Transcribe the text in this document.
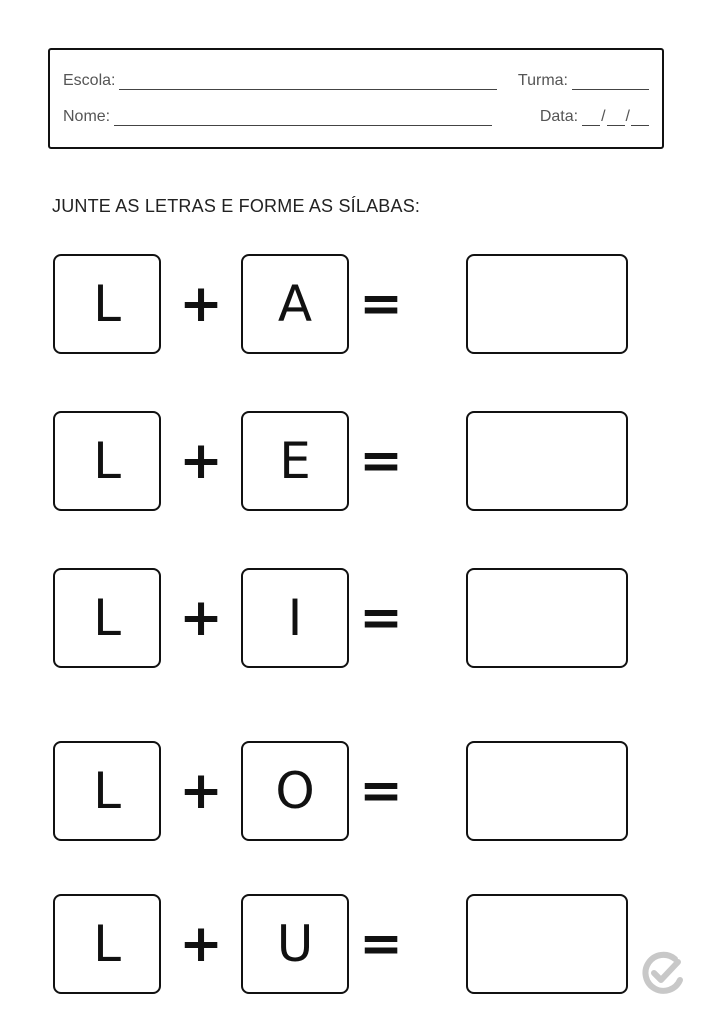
Escola:	Turma:
Nome:	Data: / /
JUNTE AS LETRAS E FORME AS SÍLABAS:
L	+	A =
L	+	E =
L	+	I	=
L	+	O =
L	+	U =
